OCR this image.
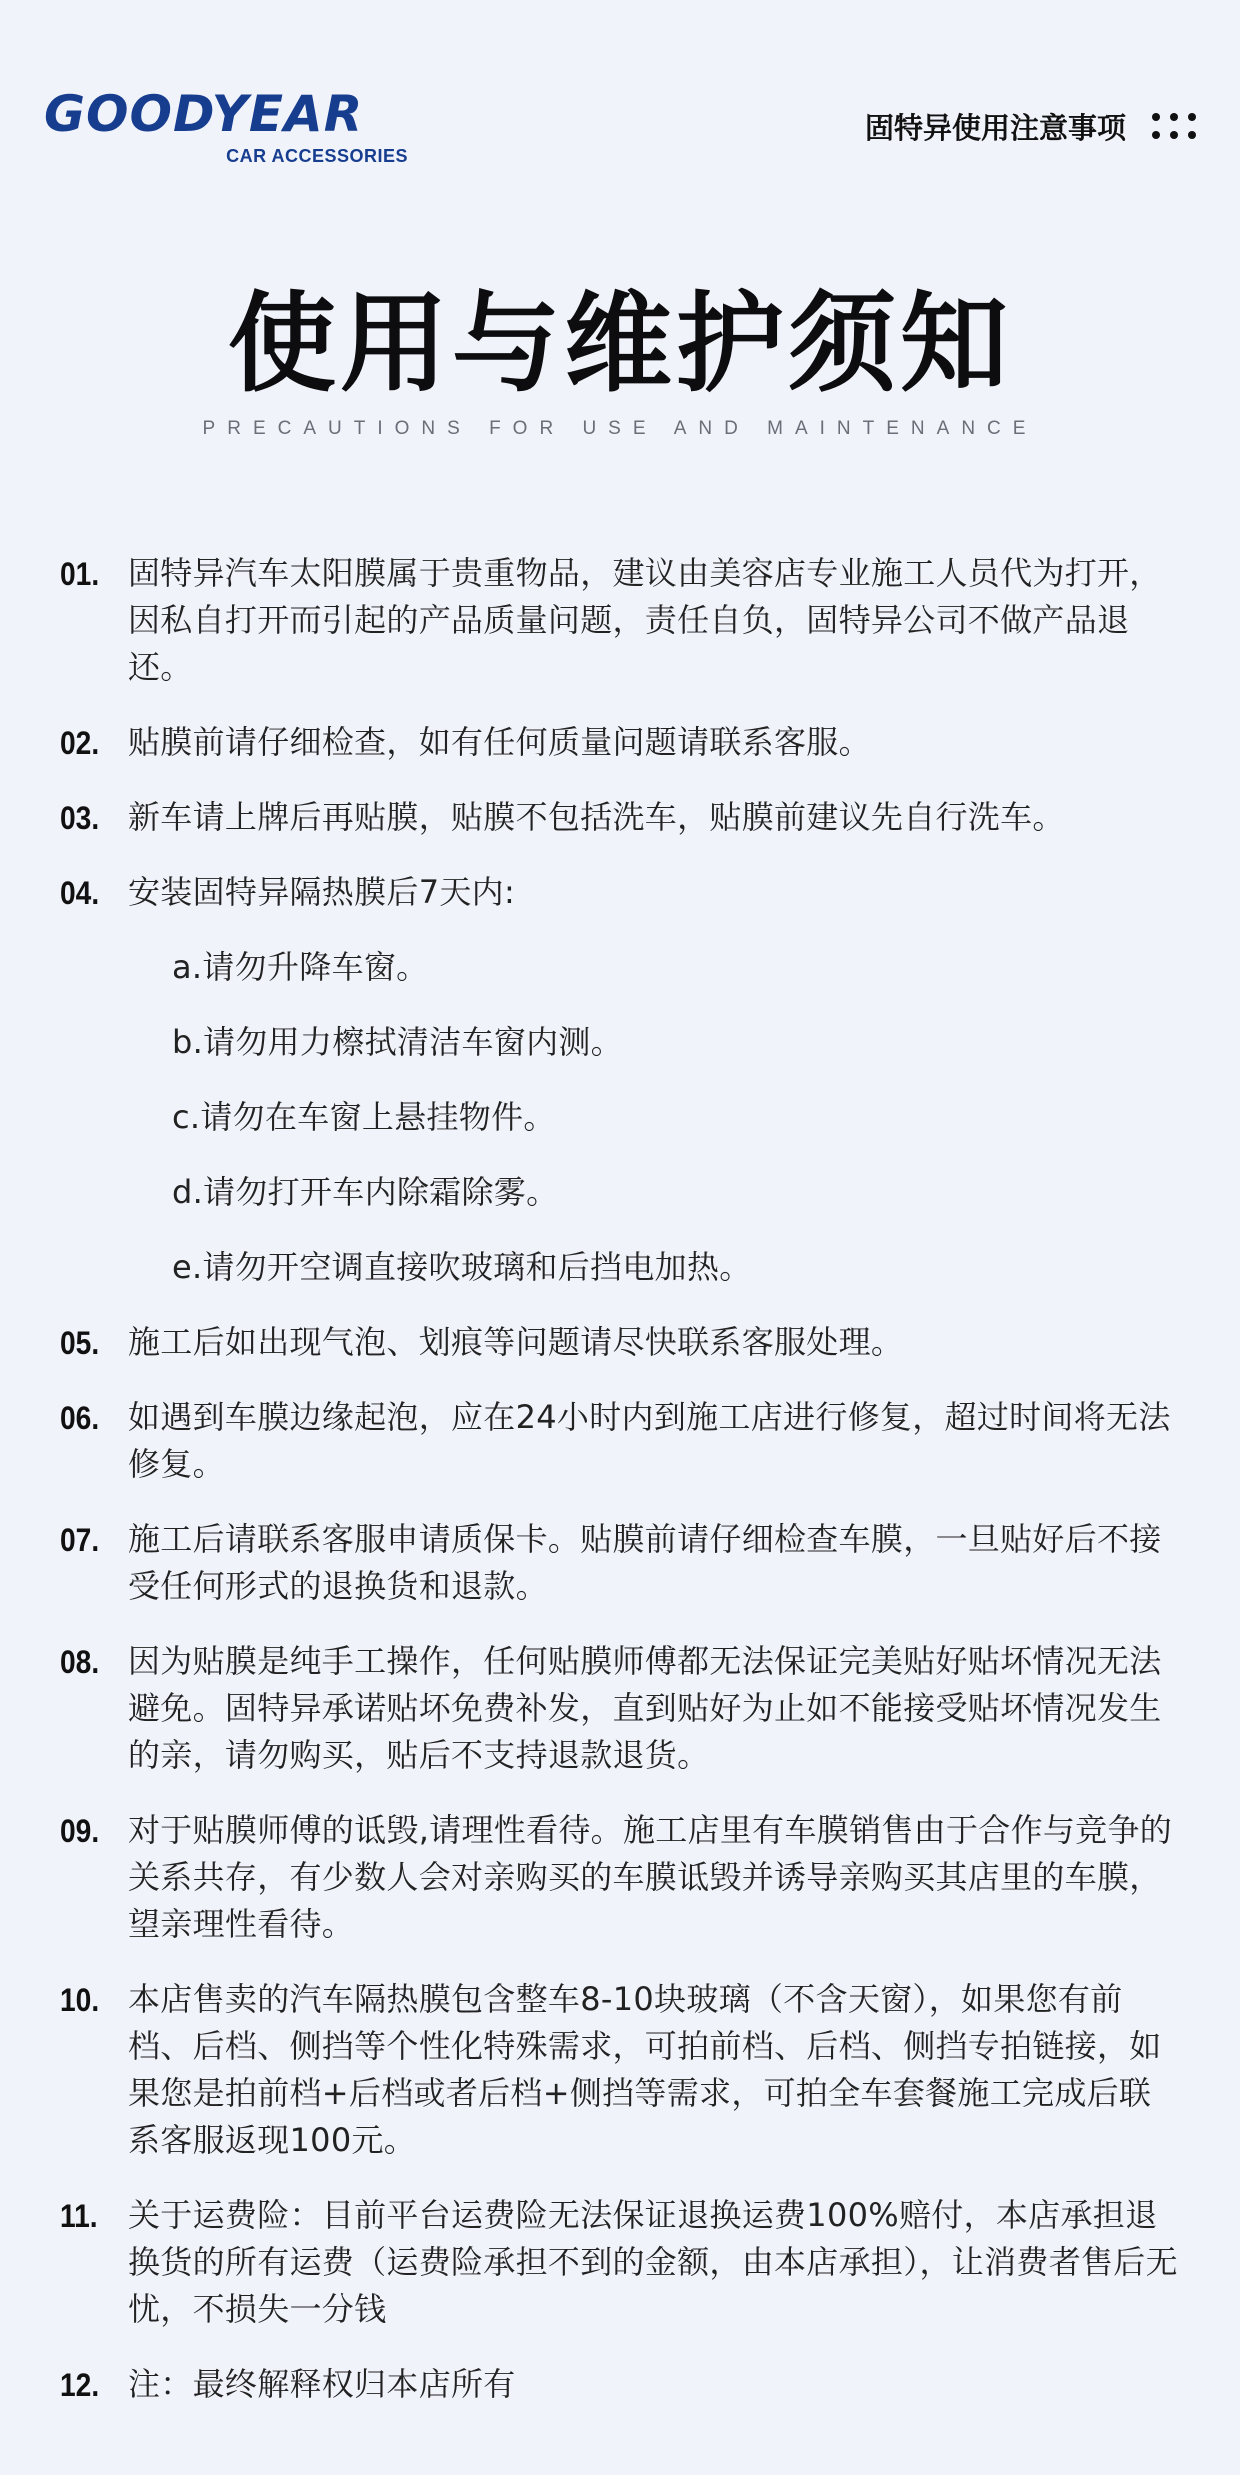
GOODYEAR
CAR ACCESSORIES
固特异使用注意事项
使用与维护须知
PRECAUTIONS FOR USE AND MAINTENANCE
01. 固特异汽车太阳膜属于贵重物品，建议由美容店专业施工人员代为打开，因私自打开而引起的产品质量问题，责任自负，固特异公司不做产品退还。
02. 贴膜前请仔细检查，如有任何质量问题请联系客服。
03. 新车请上牌后再贴膜，贴膜不包括洗车，贴膜前建议先自行洗车。
04. 安装固特异隔热膜后7天内:
a.请勿升降车窗。
b.请勿用力檫拭清洁车窗内测。
c.请勿在车窗上悬挂物件。
d.请勿打开车内除霜除雾。
e.请勿开空调直接吹玻璃和后挡电加热。
05. 施工后如出现气泡、划痕等问题请尽快联系客服处理。
06. 如遇到车膜边缘起泡，应在24小时内到施工店进行修复，超过时间将无法修复。
07. 施工后请联系客服申请质保卡。贴膜前请仔细检查车膜，一旦贴好后不接受任何形式的退换货和退款。
08. 因为贴膜是纯手工操作，任何贴膜师傅都无法保证完美贴好贴坏情况无法避免。固特异承诺贴坏免费补发，直到贴好为止如不能接受贴坏情况发生的亲，请勿购买，贴后不支持退款退货。
09. 对于贴膜师傅的诋毁,请理性看待。施工店里有车膜销售由于合作与竞争的关系共存，有少数人会对亲购买的车膜诋毁并诱导亲购买其店里的车膜，望亲理性看待。
10. 本店售卖的汽车隔热膜包含整车8-10块玻璃（不含天窗），如果您有前档、后档、侧挡等个性化特殊需求，可拍前档、后档、侧挡专拍链接，如果您是拍前档+后档或者后档+侧挡等需求，可拍全车套餐施工完成后联系客服返现100元。
11. 关于运费险：目前平台运费险无法保证退换运费100%赔付，本店承担退换货的所有运费（运费险承担不到的金额，由本店承担），让消费者售后无忧，不损失一分钱
12. 注：最终解释权归本店所有
